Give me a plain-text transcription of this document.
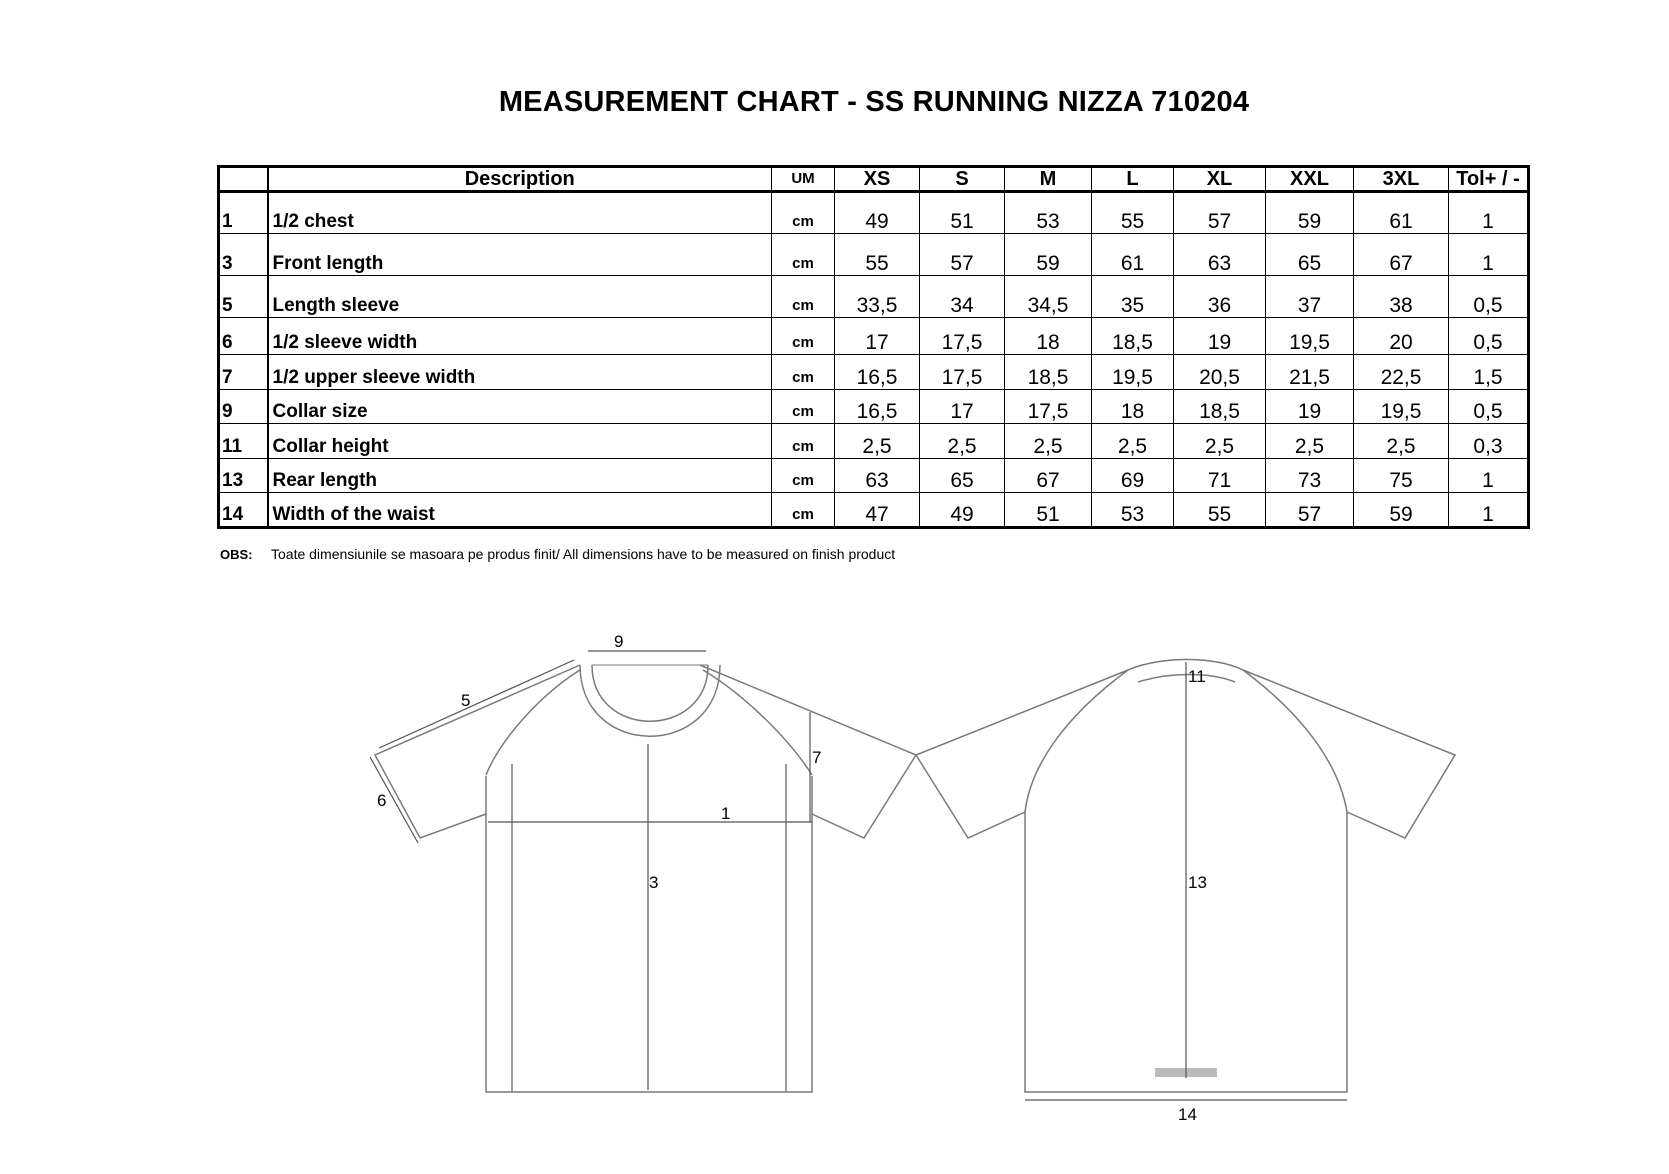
MEASUREMENT CHART - SS RUNNING NIZZA 710204
	Description	UM	XS	S	M	L	XL	XXL	3XL	Tol+ / -
1	1/2 chest	cm	49	51	53	55	57	59	61	1
3	Front length	cm	55	57	59	61	63	65	67	1
5	Length sleeve	cm	33,5	34	34,5	35	36	37	38	0,5
6	1/2 sleeve width	cm	17	17,5	18	18,5	19	19,5	20	0,5
7	1/2 upper sleeve width	cm	16,5	17,5	18,5	19,5	20,5	21,5	22,5	1,5
9	Collar size	cm	16,5	17	17,5	18	18,5	19	19,5	0,5
11	Collar height	cm	2,5	2,5	2,5	2,5	2,5	2,5	2,5	0,3
13	Rear length	cm	63	65	67	69	71	73	75	1
14	Width of the waist	cm	47	49	51	53	55	57	59	1
OBS: Toate dimensiunile se masoara pe produs finit/ All dimensions have to be measured on finish product
9
5
6
7
1
3
11
13
14
